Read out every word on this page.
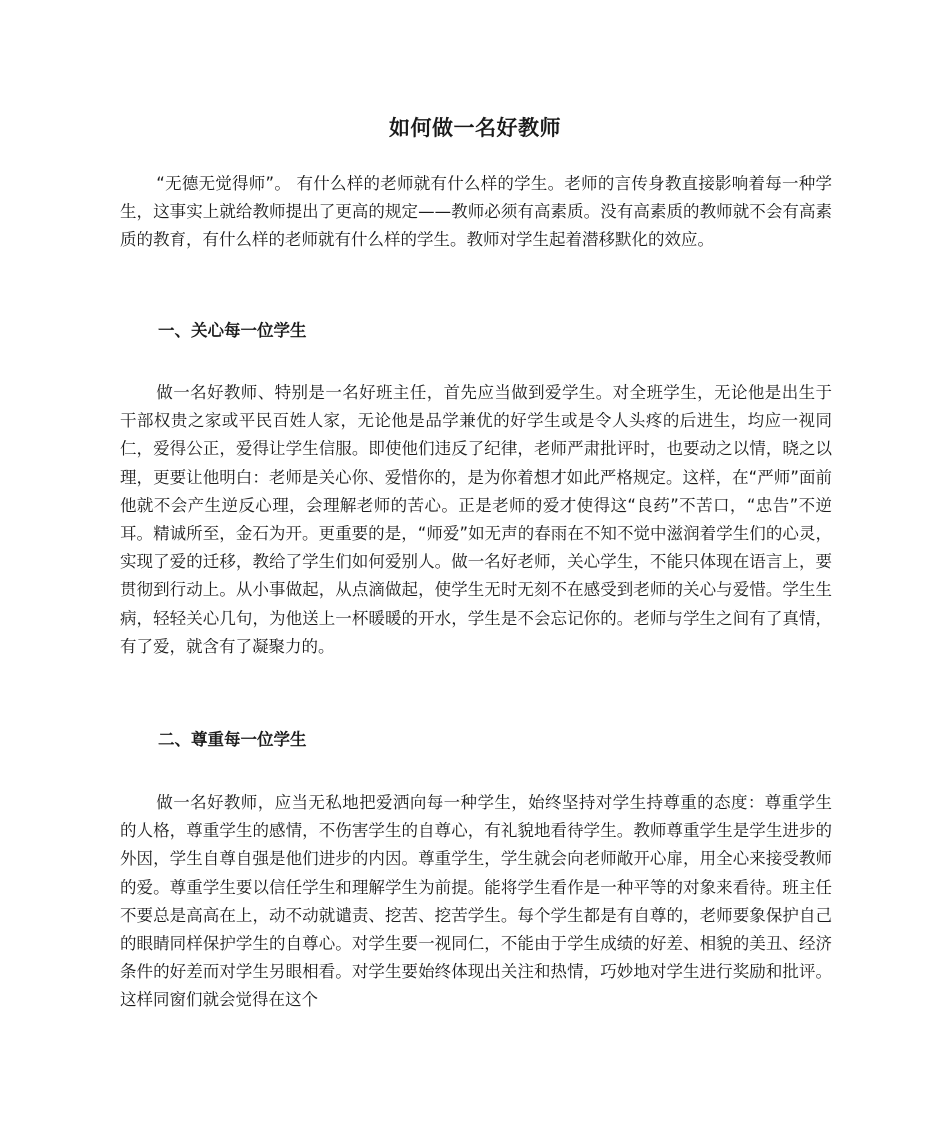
如何做一名好教师

“无德无觉得师”。 有什么样的老师就有什么样的学生。老师的言传身教直接影响着每一种学生，这事实上就给教师提出了更高的规定——教师必须有高素质。没有高素质的教师就不会有高素质的教育，有什么样的老师就有什么样的学生。教师对学生起着潜移默化的效应。

一、关心每一位学生

做一名好教师、特别是一名好班主任，首先应当做到爱学生。对全班学生，无论他是出生于干部权贵之家或平民百姓人家，无论他是品学兼优的好学生或是令人头疼的后进生，均应一视同仁，爱得公正，爱得让学生信服。即使他们违反了纪律，老师严肃批评时，也要动之以情，晓之以理，更要让他明白：老师是关心你、爱惜你的，是为你着想才如此严格规定。这样，在“严师”面前他就不会产生逆反心理，会理解老师的苦心。正是老师的爱才使得这“良药”不苦口，“忠告”不逆耳。精诚所至，金石为开。更重要的是，“师爱”如无声的春雨在不知不觉中滋润着学生们的心灵，实现了爱的迁移，教给了学生们如何爱别人。做一名好老师，关心学生，不能只体现在语言上，要贯彻到行动上。从小事做起，从点滴做起，使学生无时无刻不在感受到老师的关心与爱惜。学生生病，轻轻关心几句，为他送上一杯暖暖的开水，学生是不会忘记你的。老师与学生之间有了真情，有了爱，就含有了凝聚力的。

二、尊重每一位学生

做一名好教师，应当无私地把爱洒向每一种学生，始终坚持对学生持尊重的态度：尊重学生的人格，尊重学生的感情，不伤害学生的自尊心，有礼貌地看待学生。教师尊重学生是学生进步的外因，学生自尊自强是他们进步的内因。尊重学生，学生就会向老师敞开心扉，用全心来接受教师的爱。尊重学生要以信任学生和理解学生为前提。能将学生看作是一种平等的对象来看待。班主任不要总是高高在上，动不动就谴责、挖苦、挖苦学生。每个学生都是有自尊的，老师要象保护自己的眼睛同样保护学生的自尊心。对学生要一视同仁，不能由于学生成绩的好差、相貌的美丑、经济条件的好差而对学生另眼相看。对学生要始终体现出关注和热情，巧妙地对学生进行奖励和批评。这样同窗们就会觉得在这个
